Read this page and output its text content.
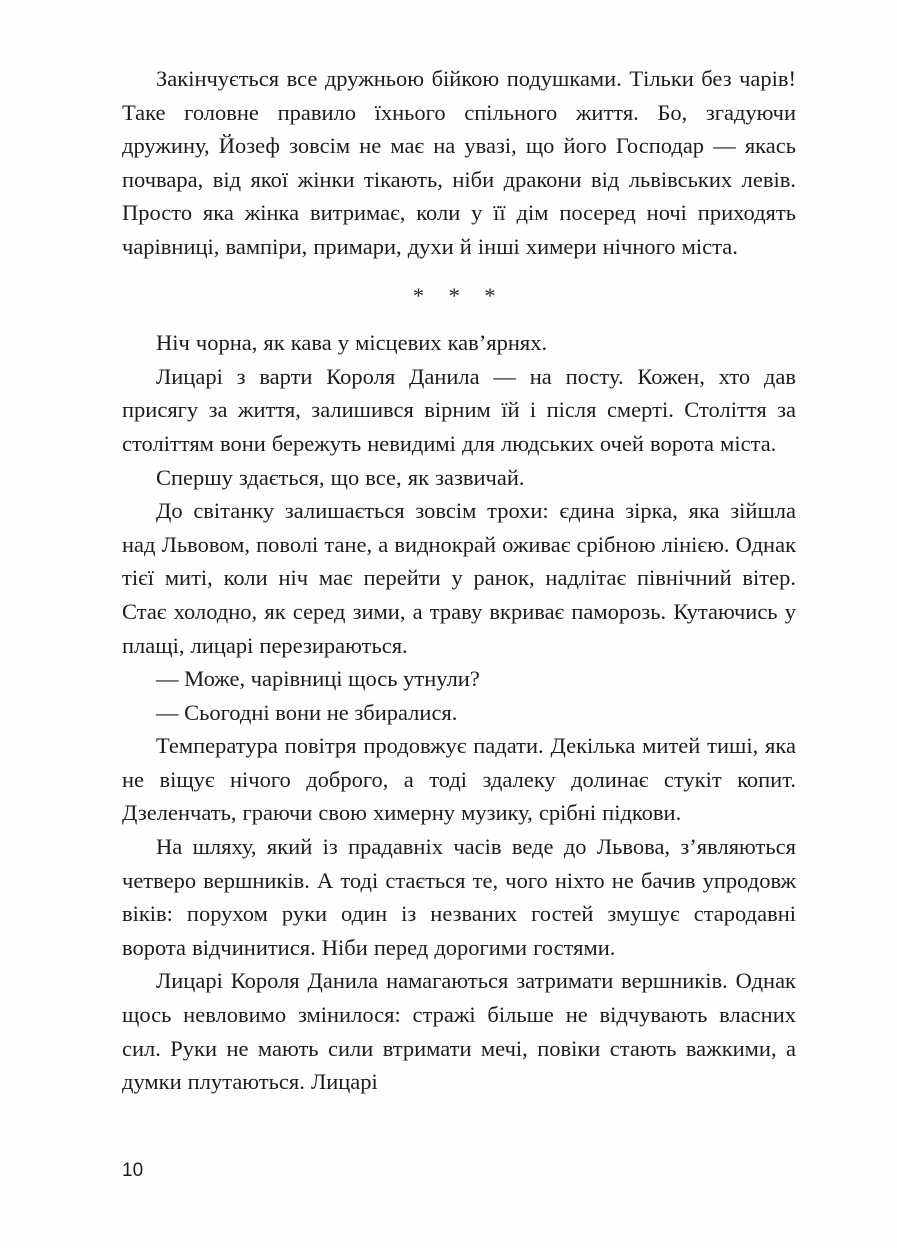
Закінчується все дружньою бійкою подушками. Тільки без чарів! Таке головне правило їхнього спільного життя. Бо, згадуючи дружину, Йозеф зовсім не має на увазі, що його Господар — якась почвара, від якої жінки тікають, ніби дракони від львівських левів. Просто яка жінка витримає, коли у її дім посеред ночі приходять чарівниці, вампіри, примари, духи й інші химери нічного міста.

* * *

Ніч чорна, як кава у місцевих кав’ярнях.

Лицарі з варти Короля Данила — на посту. Кожен, хто дав присягу за життя, залишився вірним їй і після смерті. Століття за століттям вони бережуть невидимі для людських очей ворота міста.

Спершу здається, що все, як зазвичай.

До світанку залишається зовсім трохи: єдина зірка, яка зійшла над Львовом, поволі тане, а виднокрай оживає срібною лінією. Однак тієї миті, коли ніч має перейти у ранок, надлітає північний вітер. Стає холодно, як серед зими, а траву вкриває паморозь. Кутаючись у плащі, лицарі перезираються.

— Може, чарівниці щось утнули?

— Сьогодні вони не збиралися.

Температура повітря продовжує падати. Декілька митей тиші, яка не віщує нічого доброго, а тоді здалеку долинає стукіт копит. Дзеленчать, граючи свою химерну музику, срібні підкови.

На шляху, який із прадавніх часів веде до Львова, з’являються четверо вершників. А тоді стається те, чого ніхто не бачив упродовж віків: порухом руки один із незваних гостей змушує стародавні ворота відчинитися. Ніби перед дорогими гостями.

Лицарі Короля Данила намагаються затримати вершників. Однак щось невловимо змінилося: стражі більше не відчувають власних сил. Руки не мають сили втримати мечі, повіки стають важкими, а думки плутаються. Лицарі

10
